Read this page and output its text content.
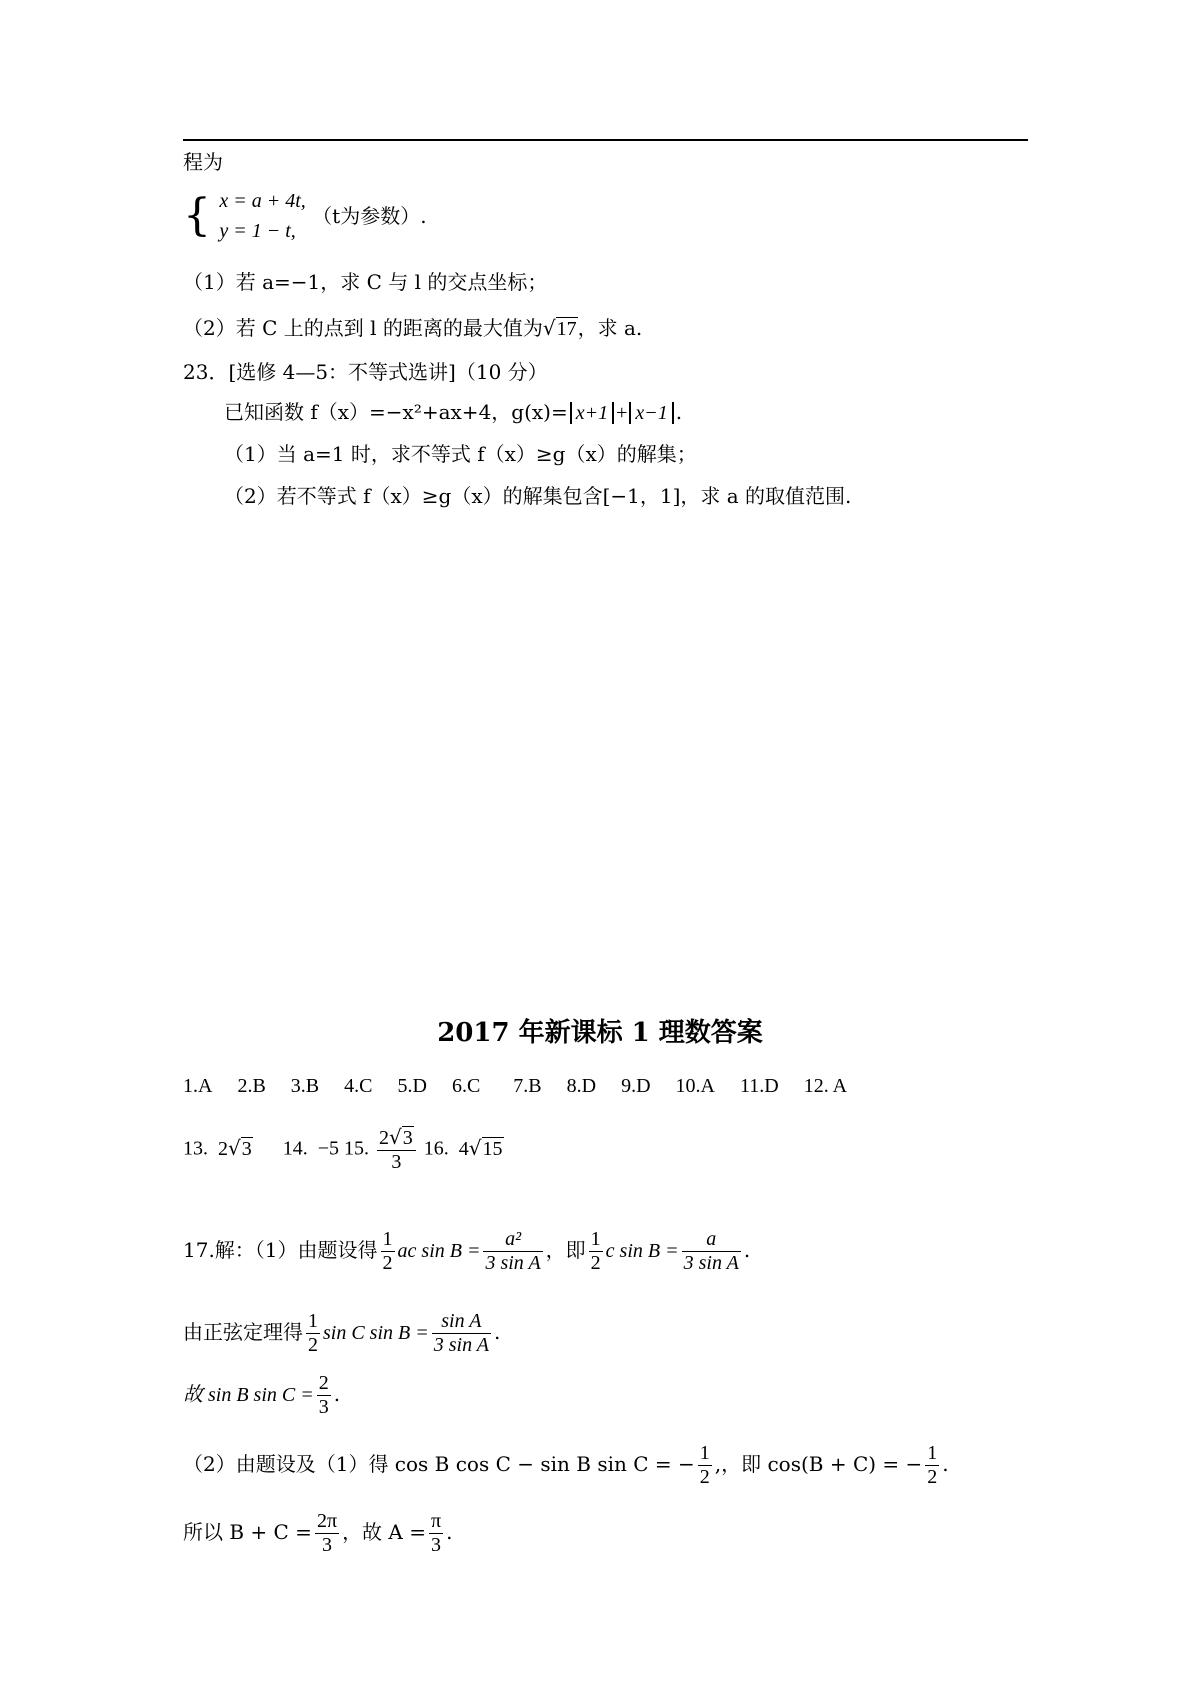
程为
{ x = a + 4t,
y = 1 − t,
（t为参数）.
（1）若 a=−1，求 C 与 l 的交点坐标；
（2）若 C 上的点到 l 的距离的最大值为√17，求 a.
23．[选修 4—5：不等式选讲]（10 分）
已知函数 f（x）=−x²+ax+4，g(x)= x+1 + x−1 .
（1）当 a=1 时，求不等式 f（x）≥g（x）的解集；
（2）若不等式 f（x）≥g（x）的解集包含[−1，1]，求 a 的取值范围.
2017 年新课标 1 理数答案
1.A 2.B 3.B 4.C 5.D 6.C 7.B 8.D 9.D 10.A 11.D 12. A
13. 2√3 14. −5 15. $\frac{2√3}{3} 16$. 4√15
17.解：（1）由题设得 $\frac{1}{2}$ ac $\sin B = \frac{\text{a²}}{\text{3 sin A}}$ ，即 $\frac{1}{2}$ c $\sin B = \frac{a}{\text{3 sin A}}$ .
由正弦定理得 $\frac{1}{2}$ sin C $\sin B = \frac{\text{sin A}}{\text{3 sin A}}$ .
故 sin B $\sin C = \frac{2}{3}$ .
（2）由题设及（1）得 cos B cos C − sin B sin C = − $\frac{1}{2}$ ,，即 cos(B + C) = − $\frac{1}{2}$ .
所以 $B + C = \frac{2\pi}{3}$ ，故 $A = \frac{\pi}{3}$ .
